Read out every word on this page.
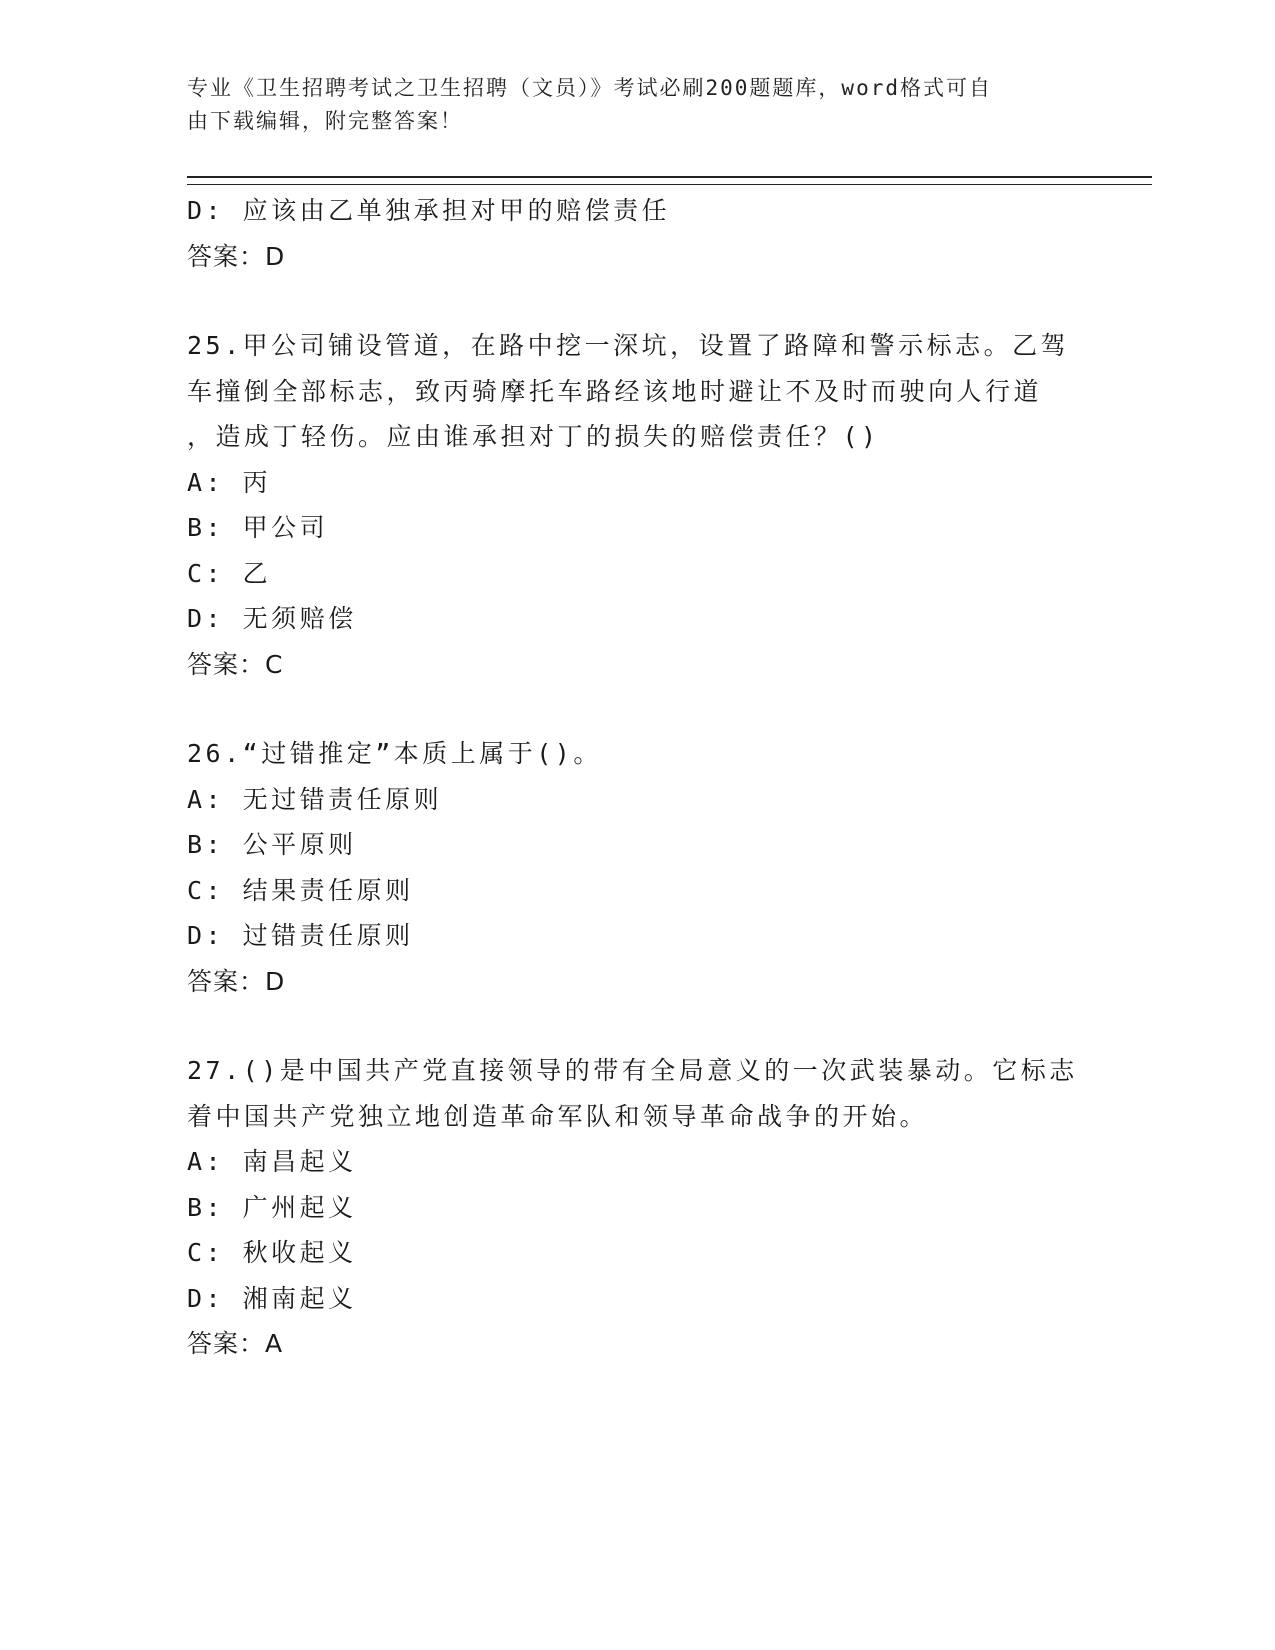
专业《卫生招聘考试之卫生招聘（文员）》考试必刷200题题库，word格式可自
由下载编辑，附完整答案！
D: 应该由乙单独承担对甲的赔偿责任
答案：D
25.甲公司铺设管道，在路中挖一深坑，设置了路障和警示标志。乙驾
车撞倒全部标志，致丙骑摩托车路经该地时避让不及时而驶向人行道
，造成丁轻伤。应由谁承担对丁的损失的赔偿责任？()
A: 丙
B: 甲公司
C: 乙
D: 无须赔偿
答案：C
26.“过错推定”本质上属于()。
A: 无过错责任原则
B: 公平原则
C: 结果责任原则
D: 过错责任原则
答案：D
27.()是中国共产党直接领导的带有全局意义的一次武装暴动。它标志
着中国共产党独立地创造革命军队和领导革命战争的开始。
A: 南昌起义
B: 广州起义
C: 秋收起义
D: 湘南起义
答案：A
